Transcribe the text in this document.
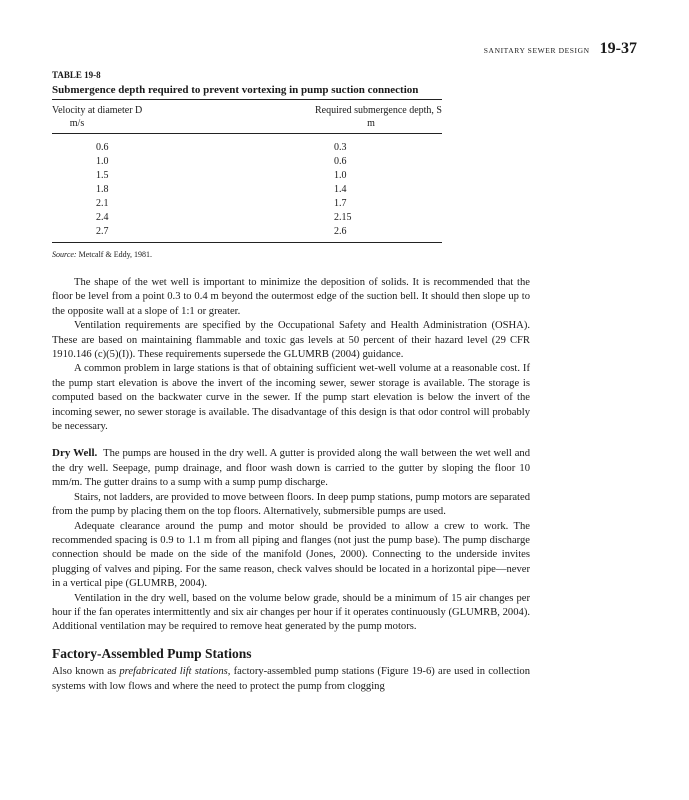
SANITARY SEWER DESIGN 19-37
TABLE 19-8
Submergence depth required to prevent vortexing in pump suction connection
Velocity at diameter D	Required submergence depth, S
m/s	m
0.6	0.3
1.0	0.6
1.5	1.0
1.8	1.4
2.1	1.7
2.4	2.15
2.7	2.6
Source: Metcalf & Eddy, 1981.

The shape of the wet well is important to minimize the deposition of solids. It is recommended that the floor be level from a point 0.3 to 0.4 m beyond the outermost edge of the suction bell. It should then slope up to the opposite wall at a slope of 1:1 or greater.

Ventilation requirements are specified by the Occupational Safety and Health Administration (OSHA). These are based on maintaining flammable and toxic gas levels at 50 percent of their hazard level (29 CFR 1910.146 (c)(5)(I)). These requirements supersede the GLUMRB (2004) guidance.

A common problem in large stations is that of obtaining sufficient wet-well volume at a reasonable cost. If the pump start elevation is above the invert of the incoming sewer, sewer storage is available. The storage is computed based on the backwater curve in the sewer. If the pump start elevation is below the invert of the incoming sewer, no sewer storage is available. The disadvantage of this design is that odor control will probably be necessary.

Dry Well. The pumps are housed in the dry well. A gutter is provided along the wall between the wet well and the dry well. Seepage, pump drainage, and floor wash down is carried to the gutter by sloping the floor 10 mm/m. The gutter drains to a sump with a sump pump discharge.

Stairs, not ladders, are provided to move between floors. In deep pump stations, pump motors are separated from the pump by placing them on the top floors. Alternatively, submersible pumps are used.

Adequate clearance around the pump and motor should be provided to allow a crew to work. The recommended spacing is 0.9 to 1.1 m from all piping and flanges (not just the pump base). The pump discharge connection should be made on the side of the manifold (Jones, 2000). Connecting to the underside invites plugging of valves and piping. For the same reason, check valves should be located in a horizontal pipe—never in a vertical pipe (GLUMRB, 2004).

Ventilation in the dry well, based on the volume below grade, should be a minimum of 15 air changes per hour if the fan operates intermittently and six air changes per hour if it operates continuously (GLUMRB, 2004). Additional ventilation may be required to remove heat generated by the pump motors.

Factory-Assembled Pump Stations

Also known as prefabricated lift stations, factory-assembled pump stations (Figure 19-6) are used in collection systems with low flows and where the need to protect the pump from clogging
